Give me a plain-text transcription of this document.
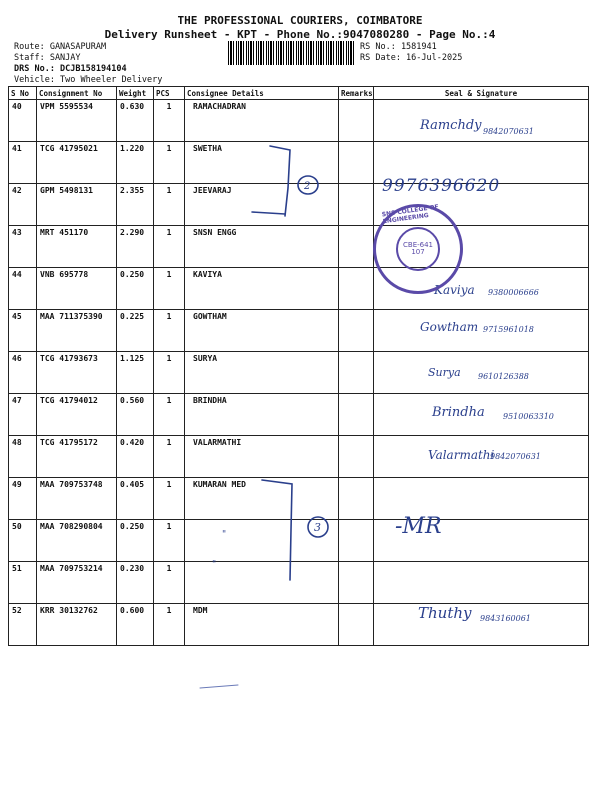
THE PROFESSIONAL COURIERS, COIMBATORE
Delivery Runsheet - KPT - Phone No.:9047080280 - Page No.:4
Route: GANASAPURAM
Staff: SANJAY
DRS No.: DCJB158194104
Vehicle: Two Wheeler Delivery
RS No.: 1581941
RS Date: 16-Jul-2025
S No	Consignment No	Weight	PCS	Consignee Details	Remarks	Seal & Signature
40	VPM 5595534	0.630	1	RAMACHADRAN		
41	TCG 41795021	1.220	1	SWETHA		
42	GPM 5498131	2.355	1	JEEVARAJ		
43	MRT 451170	2.290	1	SNSN ENGG		
44	VNB 695778	0.250	1	KAVIYA		
45	MAA 711375390	0.225	1	GOWTHAM		
46	TCG 41793673	1.125	1	SURYA		
47	TCG 41794012	0.560	1	BRINDHA		
48	TCG 41795172	0.420	1	VALARMATHI		
49	MAA 709753748	0.405	1	KUMARAN MED		
50	MAA 708290804	0.250	1			
51	MAA 709753214	0.230	1			
52	KRR 30132762	0.600	1	MDM		
Ramchdy 9842070631
9976396620
Kaviya 9380006666
Gowtham 9715961018
Surya 9610126388
Brindha 9510063310
Valarmathi
9842070631
-MR
Thuthy 9843160061
"
"
2
3
CBE-641 107
SNS COLLEGE OF ENGINEERING
